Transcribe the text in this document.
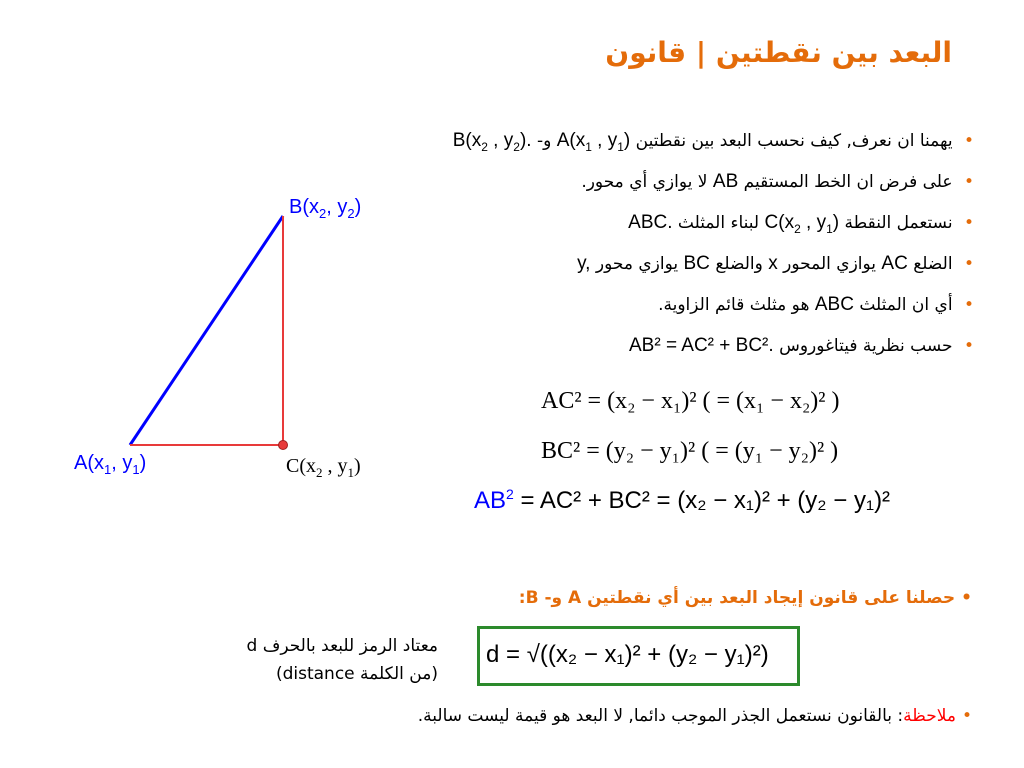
البعد بين نقطتين | قانون
• يهمنا ان نعرف, كيف نحسب البعد بين نقطتين $A(x_1$ , $y_1$) و- $B(x_2$ , $y_2$).
• على فرض ان الخط المستقيم AB لا يوازي أي محور.
• نستعمل النقطة $C(x_2$ , $y_1$) لبناء المثلث ABC.
• الضلع AC يوازي المحور x والضلع BC يوازي محور y,
• أي ان المثلث ABC هو مثلث قائم الزاوية.
• حسب نظرية فيتاغوروس AB² = AC² + BC².
$B(x_2$, $y_2$)
$A(x_1$, $y_1$)	$C(x_2$ , $y_1$)
AC² = (x₂ − x₁)² ( = (x₁ − x₂)² )
BC² = (y₂ − y₁)² ( = (y₁ − y₂)² )
$AB^2 = AC^2 + BC^2 = (x_2 - x_1)^2 + (y_2 - y_1)^2$
•حصلنا على قانون إيجاد البعد بين أي نقطتين A و- B:
معتاد الرمز للبعد بالحرف d
(من الكلمة distance)
d = √((x₂ − x₁)² + (y₂ − y₁)²)
•ملاحظة: بالقانون نستعمل الجذر الموجب دائما, لا البعد هو قيمة ليست سالبة.
